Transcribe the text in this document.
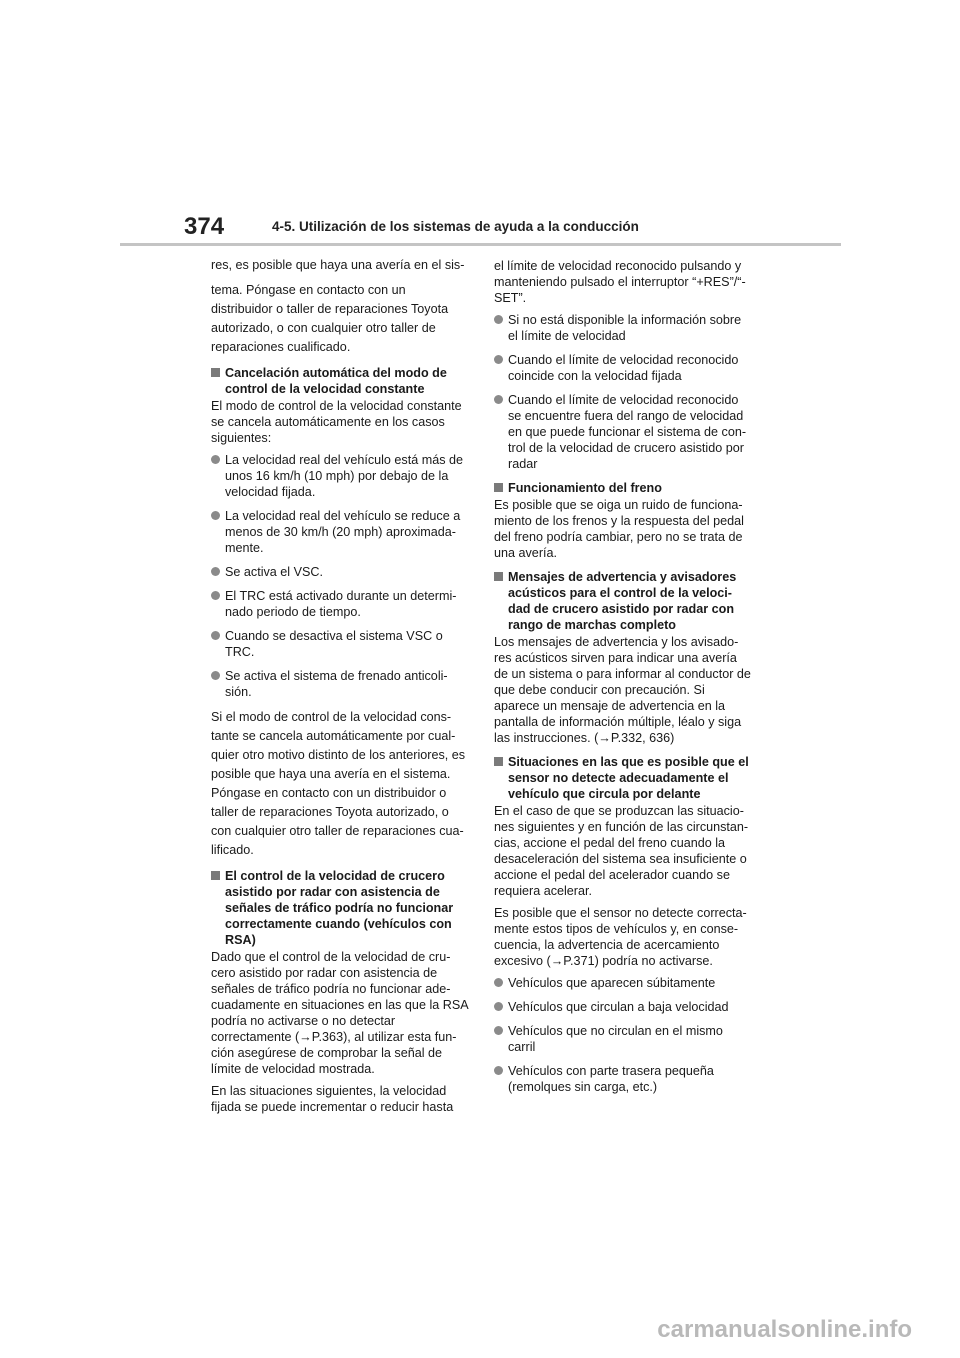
374	4-5. Utilización de los sistemas de ayuda a la conducción

res, es posible que haya una avería en el sis-

tema. Póngase en contacto con un distribuidor o taller de reparaciones Toyota autorizado, o con cualquier otro taller de reparaciones cualificado.

Cancelación automática del modo de control de la velocidad constante

El modo de control de la velocidad constante se cancela automáticamente en los casos siguientes:

La velocidad real del vehículo está más de unos 16 km/h (10 mph) por debajo de la velocidad fijada.
La velocidad real del vehículo se reduce a menos de 30 km/h (20 mph) aproximada-mente.
Se activa el VSC.
El TRC está activado durante un determi-nado periodo de tiempo.
Cuando se desactiva el sistema VSC o TRC.
Se activa el sistema de frenado anticoli-sión.

Si el modo de control de la velocidad cons-tante se cancela automáticamente por cual-quier otro motivo distinto de los anteriores, es posible que haya una avería en el sistema. Póngase en contacto con un distribuidor o taller de reparaciones Toyota autorizado, o con cualquier otro taller de reparaciones cua-lificado.

El control de la velocidad de crucero asistido por radar con asistencia de señales de tráfico podría no funcionar correctamente cuando (vehículos con RSA)

Dado que el control de la velocidad de cru-cero asistido por radar con asistencia de señales de tráfico podría no funcionar ade-cuadamente en situaciones en las que la RSA podría no activarse o no detectar correctamente (→P.363), al utilizar esta fun-ción asegúrese de comprobar la señal de límite de velocidad mostrada.

En las situaciones siguientes, la velocidad fijada se puede incrementar o reducir hasta

el límite de velocidad reconocido pulsando y manteniendo pulsado el interruptor “+RES”/“-SET”.

Si no está disponible la información sobre el límite de velocidad
Cuando el límite de velocidad reconocido coincide con la velocidad fijada
Cuando el límite de velocidad reconocido se encuentre fuera del rango de velocidad en que puede funcionar el sistema de con-trol de la velocidad de crucero asistido por radar
Funcionamiento del freno

Es posible que se oiga un ruido de funciona-miento de los frenos y la respuesta del pedal del freno podría cambiar, pero no se trata de una avería.

Mensajes de advertencia y avisadores acústicos para el control de la veloci-dad de crucero asistido por radar con rango de marchas completo

Los mensajes de advertencia y los avisado-res acústicos sirven para indicar una avería de un sistema o para informar al conductor de que debe conducir con precaución. Si aparece un mensaje de advertencia en la pantalla de información múltiple, léalo y siga las instrucciones. (→P.332, 636)

Situaciones en las que es posible que el sensor no detecte adecuadamente el vehículo que circula por delante

En el caso de que se produzcan las situacio-nes siguientes y en función de las circunstan-cias, accione el pedal del freno cuando la desaceleración del sistema sea insuficiente o accione el pedal del acelerador cuando se requiera acelerar.

Es posible que el sensor no detecte correcta-mente estos tipos de vehículos y, en conse-cuencia, la advertencia de acercamiento excesivo (→P.371) podría no activarse.

Vehículos que aparecen súbitamente
Vehículos que circulan a baja velocidad
Vehículos que no circulan en el mismo carril
Vehículos con parte trasera pequeña (remolques sin carga, etc.)
carmanualsonline.info
